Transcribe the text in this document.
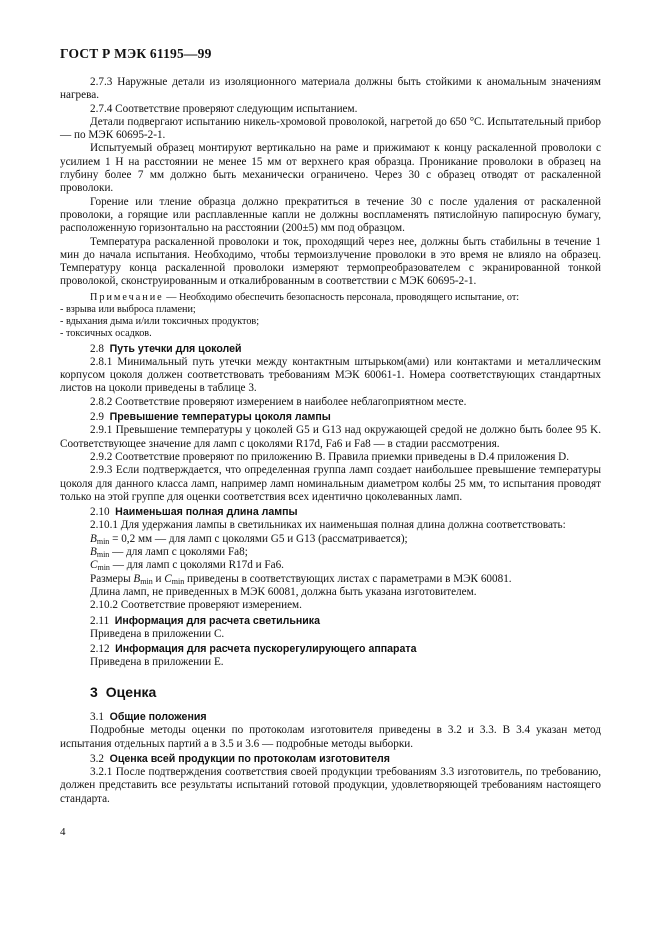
ГОСТ Р МЭК 61195—99

2.7.3 Наружные детали из изоляционного материала должны быть стойкими к аномальным значениям нагрева.

2.7.4 Соответствие проверяют следующим испытанием.

Детали подвергают испытанию никель-хромовой проволокой, нагретой до 650 °C. Испытательный прибор — по МЭК 60695-2-1.

Испытуемый образец монтируют вертикально на раме и прижимают к концу раскаленной проволоки с усилием 1 Н на расстоянии не менее 15 мм от верхнего края образца. Проникание проволоки в образец на глубину более 7 мм должно быть механически ограничено. Через 30 с образец отводят от раскаленной проволоки.

Горение или тление образца должно прекратиться в течение 30 с после удаления от раскаленной проволоки, а горящие или расплавленные капли не должны воспламенять пятислойную папиросную бумагу, расположенную горизонтально на расстоянии (200±5) мм под образцом.

Температура раскаленной проволоки и ток, проходящий через нее, должны быть стабильны в течение 1 мин до начала испытания. Необходимо, чтобы термоизлучение проволоки в это время не влияло на образец. Температуру конца раскаленной проволоки измеряют термопреобразователем с экранированной тонкой проволокой, сконструированным и откалиброванным в соответствии с МЭК 60695-2-1.

Примечание — Необходимо обеспечить безопасность персонала, проводящего испытание, от:

- взрыва или выброса пламени;

- вдыхания дыма и/или токсичных продуктов;

- токсичных осадков.

2.8 Путь утечки для цоколей

2.8.1 Минимальный путь утечки между контактным штырьком(ами) или контактами и металлическим корпусом цоколя должен соответствовать требованиям МЭК 60061-1. Номера соответствующих стандартных листов на цоколи приведены в таблице 3.

2.8.2 Соответствие проверяют измерением в наиболее неблагоприятном месте.

2.9 Превышение температуры цоколя лампы

2.9.1 Превышение температуры у цоколей G5 и G13 над окружающей средой не должно быть более 95 K. Соответствующее значение для ламп с цоколями R17d, Fa6 и Fa8 — в стадии рассмотрения.

2.9.2 Соответствие проверяют по приложению В. Правила приемки приведены в D.4 приложения D.

2.9.3 Если подтверждается, что определенная группа ламп создает наибольшее превышение температуры цоколя для данного класса ламп, например ламп номинальным диаметром колбы 25 мм, то испытания проводят только на этой группе для оценки соответствия всех идентично цоколеванных ламп.

2.10 Наименьшая полная длина лампы

2.10.1 Для удержания лампы в светильниках их наименьшая полная длина должна соответствовать:

$B_{min} = 0,2$ мм — для ламп с цоколями G5 и G13 (рассматривается);

$B_{min}$ — для ламп с цоколями Fa8;

$C_{min}$ — для ламп с цоколями R17d и Fa6.

Размеры $B_{min}$ и $C_{min}$ приведены в соответствующих листах с параметрами в МЭК 60081.

Длина ламп, не приведенных в МЭК 60081, должна быть указана изготовителем.

2.10.2 Соответствие проверяют измерением.

2.11 Информация для расчета светильника

Приведена в приложении С.

2.12 Информация для расчета пускорегулирующего аппарата

Приведена в приложении Е.

3 Оценка

3.1 Общие положения

Подробные методы оценки по протоколам изготовителя приведены в 3.2 и 3.3. В 3.4 указан метод испытания отдельных партий а в 3.5 и 3.6 — подробные методы выборки.

3.2 Оценка всей продукции по протоколам изготовителя

3.2.1 После подтверждения соответствия своей продукции требованиям 3.3 изготовитель, по требованию, должен представить все результаты испытаний готовой продукции, удовлетворяющей требованиям настоящего стандарта.

4
